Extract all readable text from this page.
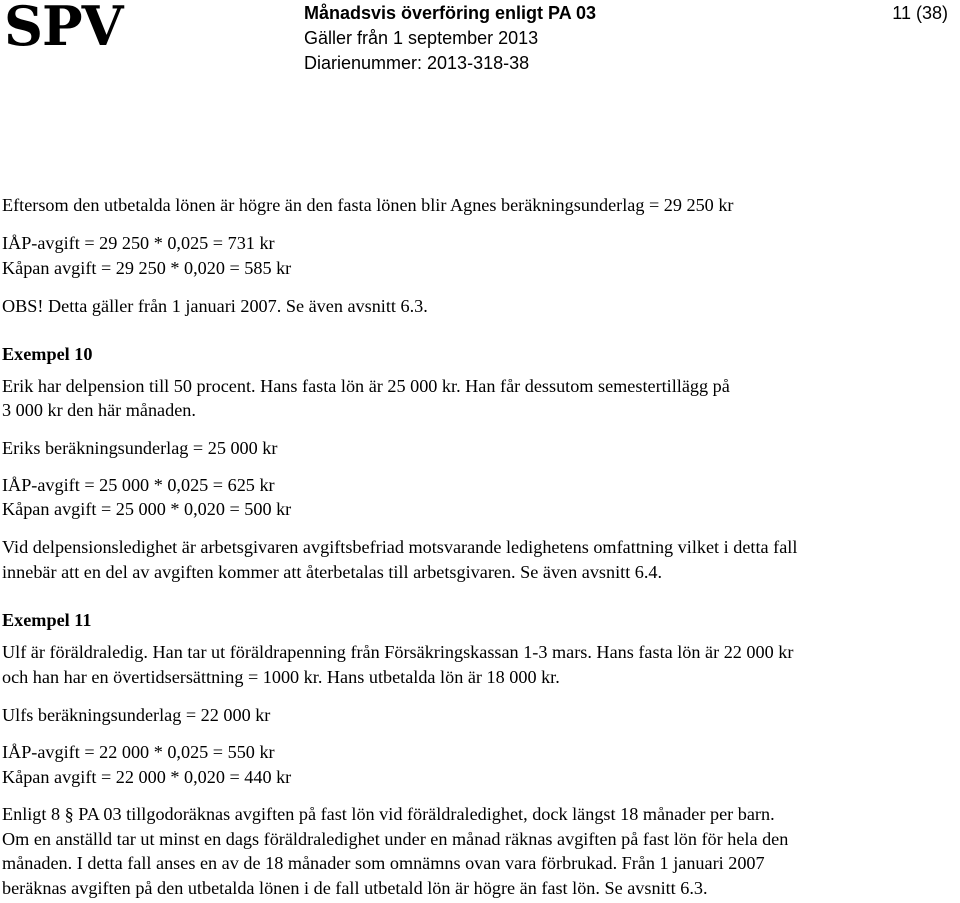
SPV	Månadsvis överföring enligt PA 03
Gäller från 1 september 2013
Diarienummer: 2013-318-38
11 (38)
Eftersom den utbetalda lönen är högre än den fasta lönen blir Agnes beräkningsunderlag = 29 250 kr
IÅP-avgift = 29 250 * 0,025 = 731 kr
Kåpan avgift = 29 250 * 0,020 = 585 kr
OBS! Detta gäller från 1 januari 2007. Se även avsnitt 6.3.
Exempel 10
Erik har delpension till 50 procent. Hans fasta lön är 25 000 kr. Han får dessutom semestertillägg på
3 000 kr den här månaden.
Eriks beräkningsunderlag = 25 000 kr
IÅP-avgift = 25 000 * 0,025 = 625 kr
Kåpan avgift = 25 000 * 0,020 = 500 kr
Vid delpensionsledighet är arbetsgivaren avgiftsbefriad motsvarande ledighetens omfattning vilket i detta fall
innebär att en del av avgiften kommer att återbetalas till arbetsgivaren. Se även avsnitt 6.4.
Exempel 11
Ulf är föräldraledig. Han tar ut föräldrapenning från Försäkringskassan 1-3 mars. Hans fasta lön är 22 000 kr
och han har en övertidsersättning = 1000 kr. Hans utbetalda lön är 18 000 kr.
Ulfs beräkningsunderlag = 22 000 kr
IÅP-avgift = 22 000 * 0,025 = 550 kr
Kåpan avgift = 22 000 * 0,020 = 440 kr
Enligt 8 § PA 03 tillgodoräknas avgiften på fast lön vid föräldraledighet, dock längst 18 månader per barn.
Om en anställd tar ut minst en dags föräldraledighet under en månad räknas avgiften på fast lön för hela den
månaden. I detta fall anses en av de 18 månader som omnämns ovan vara förbrukad. Från 1 januari 2007
beräknas avgiften på den utbetalda lönen i de fall utbetald lön är högre än fast lön. Se avsnitt 6.3.
